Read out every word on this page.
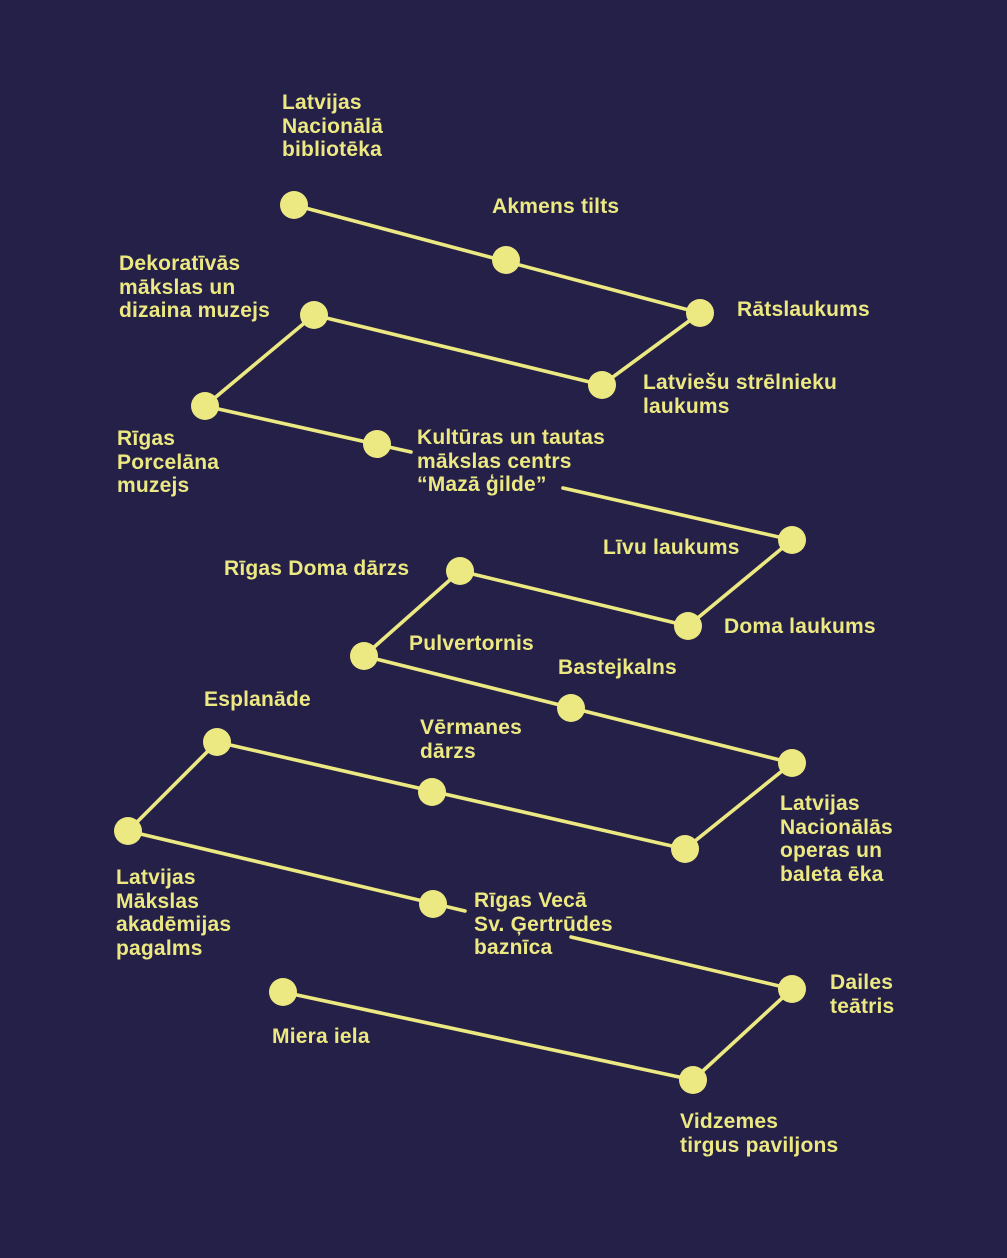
Latvijas
Nacionālā
bibliotēka
Akmens tilts
Rātslaukums
Latviešu strēlnieku
laukums
Dekoratīvās
mākslas un
dizaina muzejs
Rīgas
Porcelāna
muzejs
Kultūras un tautas
mākslas centrs
“Mazā ģilde”
Līvu laukums
Doma laukums
Rīgas Doma dārzs
Pulvertornis
Bastejkalns
Latvijas
Nacionālās
operas un
baleta ēka
Vērmanes
dārzs
Esplanāde
Latvijas
Mākslas
akadēmijas
pagalms
Rīgas Vecā
Sv. Ģertrūdes
baznīca
Dailes
teātris
Vidzemes
tirgus paviljons
Miera iela
